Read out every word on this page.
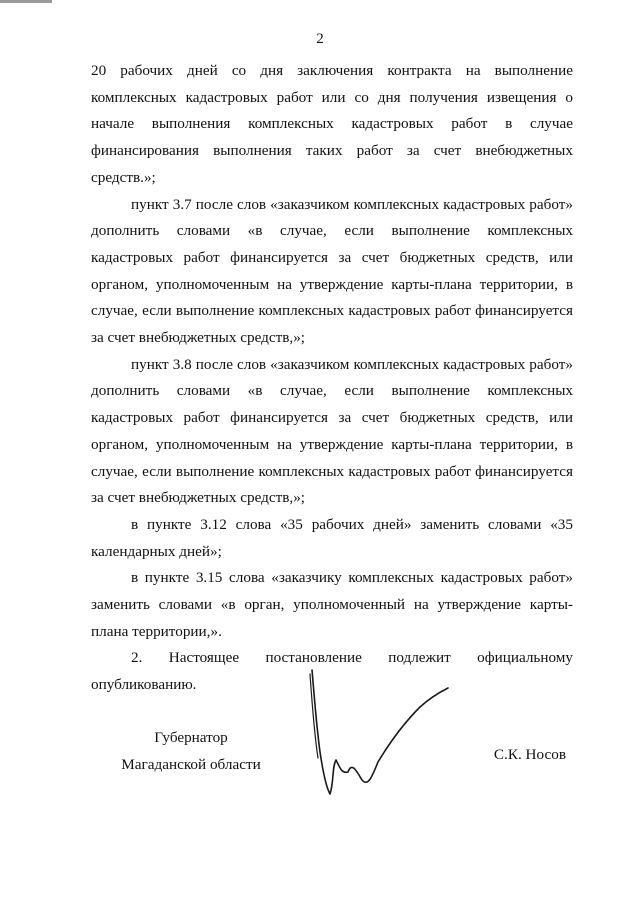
2

20 рабочих дней со дня заключения контракта на выполнение комплексных кадастровых работ или со дня получения извещения о начале выполнения комплексных кадастровых работ в случае финансирования выполнения таких работ за счет внебюджетных средств.»;

пункт 3.7 после слов «заказчиком комплексных кадастровых работ» дополнить словами «в случае, если выполнение комплексных кадастровых работ финансируется за счет бюджетных средств, или органом, уполномоченным на утверждение карты-плана территории, в случае, если выполнение комплексных кадастровых работ финансируется за счет внебюджетных средств,»;

пункт 3.8 после слов «заказчиком комплексных кадастровых работ» дополнить словами «в случае, если выполнение комплексных кадастровых работ финансируется за счет бюджетных средств, или органом, уполномоченным на утверждение карты-плана территории, в случае, если выполнение комплексных кадастровых работ финансируется за счет внебюджетных средств,»;

в пункте 3.12 слова «35 рабочих дней» заменить словами «35 календарных дней»;

в пункте 3.15 слова «заказчику комплексных кадастровых работ» заменить словами «в орган, уполномоченный на утверждение карты-плана территории,».

2. Настоящее постановление подлежит официальному опубликованию.

Губернатор
Магаданской области
С.К. Носов
